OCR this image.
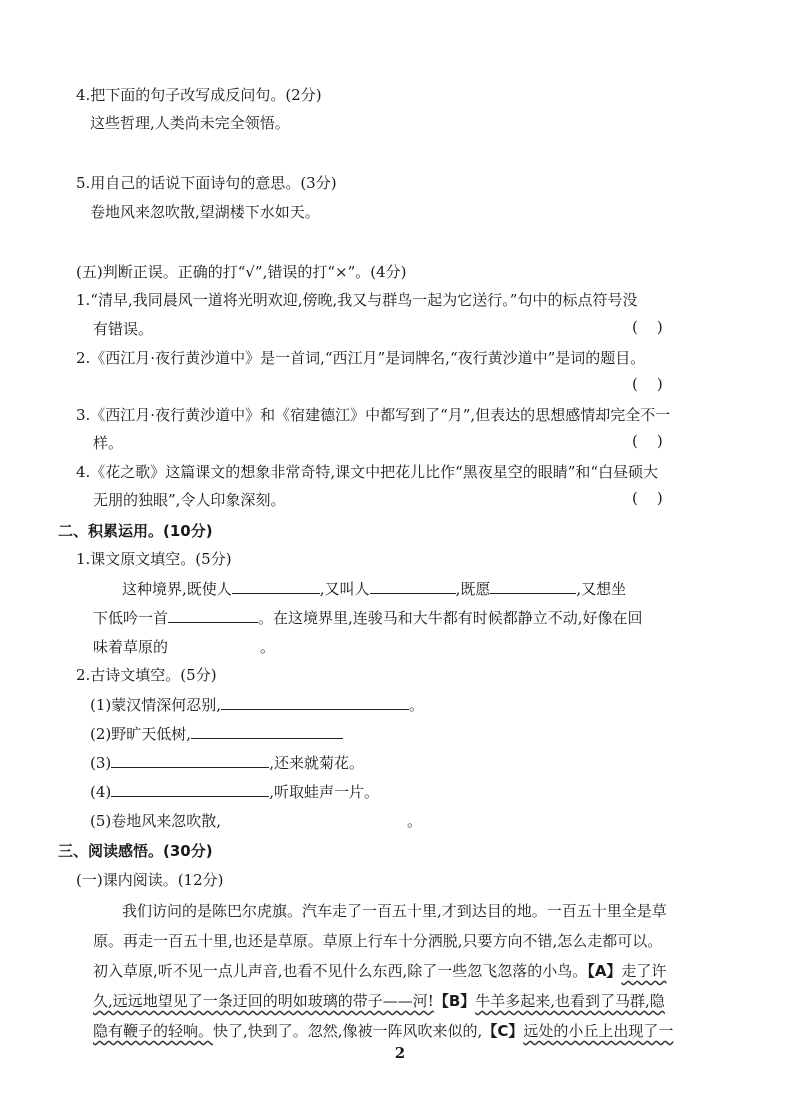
4.把下面的句子改写成反问句。(2分)
这些哲理,人类尚未完全领悟。
5.用自己的话说下面诗句的意思。(3分)
卷地风来忽吹散,望湖楼下水如天。
(五)判断正误。正确的打“√”,错误的打“×”。(4分)
1.“清早,我同晨风一道将光明欢迎,傍晚,我又与群鸟一起为它送行。”句中的标点符号没
有错误。	(    )
2.《西江月·夜行黄沙道中》是一首词,“西江月”是词牌名,“夜行黄沙道中”是词的题目。
(    )
3.《西江月·夜行黄沙道中》和《宿建德江》中都写到了“月”,但表达的思想感情却完全不一
样。	(    )
4.《花之歌》这篇课文的想象非常奇特,课文中把花儿比作“黑夜星空的眼睛”和“白昼硕大
无朋的独眼”,令人印象深刻。	(    )
二、积累运用。(10分)
1.课文原文填空。(5分)
这种境界,既使人	,又叫人	,既愿	,又想坐
下低吟一首	。在这境界里,连骏马和大牛都有时候都静立不动,好像在回
味着草原的	。
2.古诗文填空。(5分)
(1)蒙汉情深何忍别,	。
(2)野旷天低树,
(3)	,还来就菊花。
(4)	,听取蛙声一片。
(5)卷地风来忽吹散,	。
三、阅读感悟。(30分)
(一)课内阅读。(12分)
我们访问的是陈巴尔虎旗。汽车走了一百五十里,才到达目的地。一百五十里全是草
原。再走一百五十里,也还是草原。草原上行车十分洒脱,只要方向不错,怎么走都可以。
初入草原,听不见一点儿声音,也看不见什么东西,除了一些忽飞忽落的小鸟。【A】走了许
久,远远地望见了一条迂回的明如玻璃的带子——河!【B】牛羊多起来,也看到了马群,隐
隐有鞭子的轻响。快了,快到了。忽然,像被一阵风吹来似的,【C】远处的小丘上出现了一
2
